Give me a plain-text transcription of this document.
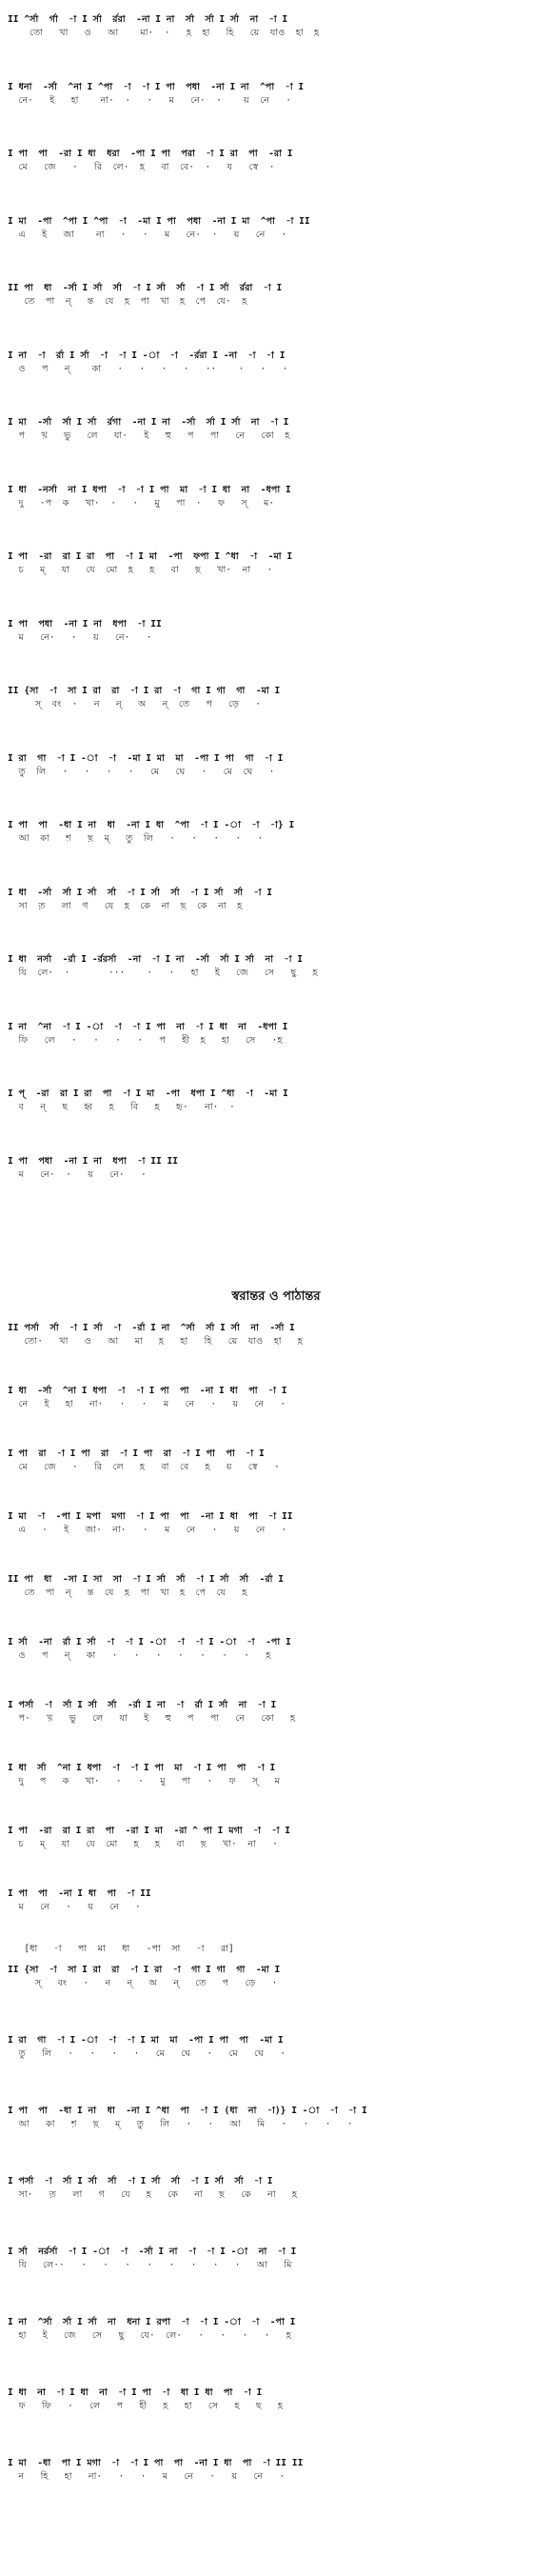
II ^র্সা  র্গা  -া I র্সা  র্ররা  -না I না  র্সা  র্সা I র্সা  না  -া I
তো   খা   ও   আ    মা·  ·   হ়  হা   হি   য়ে  যাও  হা  হ়
I ধনা  -র্সা  ^না I ^পা  -া  -া I পা  পধা  -না I না  ^পা  -া I
নে·   ই   হা    না·  ·   ·   ম   নে·  ·    য়  নে   ·
I পা  পা  -রা I ধা  ধরা  -পা I পা  পরা  -া I রা  পা  -রা I
মে   জে   ·   রি  লে·  হ়   বা  বে·  ·   য   স্বে  ·
I মা  -পা  ^পা I ^পা  -া  -মা I পা  পধা  -না I মা  ^পা  -া II
এ   ই   জা    না   ·   ·   ম   নে·  ·   য়   নে   ·
II পা  ধা  -র্সা I র্সা  র্সা  -া I র্সা  র্সা  -া I র্সা  র্ররা  -া I
তে  পা  ন্   ন্ত  যে  হ়  পা  খা  হ়  পে  যে·  হ়
I না  -া  র্রা I র্সা  -া  -া I -া  -া  -র্ররা I -না  -া  -া I
ও   প   ন্    কা   ·   ·   ·   ·   ··    ·   ·   ·
I মা  -র্সা  র্সা I র্সা  র্রগা  -না I না  -র্সা  র্সা I র্সা  না  -া I
প   খ়   ভু   লে   যা·   ই   হু   প   পা   নে   কো  হ়
I ধা  -নর্সা  না I ধপা  -া  -া I পা  মা  -া I ধা  না  -ধপা I
দু   ·প  ক   খা·  ·   ·   মু   পা  ·   ফ   স্   ম·
I পা  -রা  রা I রা  পা  -া I মা  -পা  ফপা I ^ধা  -া  -মা I
চ   ম্   যা   যে  মো  হ়   হ়   বা   ছ়   খা·  না   ·
I পা  পধা  -না I না  ধপা  -া II
ম   নে·   ·   য়   নে·   ·
II {সা  -া  সা I রা  রা  -া I রা  -া  গা I গা  গা  -মা I
স্  বং  ·   ন   ন্   অ   ন্  তে   প   ড়ে   ·
I রা  গা  -া I -া  -া  -মা I মা  মা  -পা I পা  গা  -া I
তু  লি   ·   ·   ·   ·   মে   ঘে   ·   মে  ঘে   ·
I পা  পা  -ধা I না  ধা  -না I ধা  ^পা  -া I -া  -া  -া} I
আ  কা   শ়   ছ়  ম্   তু  লি   ·   ·   ·   ·   ·
I ধা  -র্সা  র্সা I র্সা  র্সা  -া I র্সা  র্সা  -া I র্সা  র্সা  -া I
সা  ত়   লা  গ   যে  হ়  কে  না  ছ়  কে  না  হ়
I ধা  নর্সা  -র্রা I -র্ররর্সা  -না  -া I না  -র্সা  র্সা I র্সা  না  -া I
যি  লে·  ·       ···    ·   ·   হা   ই   জে   সে   ছু   হ়
I না  ^না  -া I -া  -া  -া I পা  না  -া I ধা  না  -ধপা I
ফি   লে   ·   ·   ·   ·   প   হী  হ়   হা   সে   ·হ়
I প্  -রা  রা I রা  পা  -া I মা  -পা  ধপা I ^ধা  -া  -মা I
ব   ন্   ছ   হ্ব   হ়   বি   হ়   হৃ·   না·  ·
I পা  পধা  -না I না  ধপা  -া II II
ম   নে·  ·   য়   নে·   ·
স্বরান্তর ও পাঠান্তর
II পর্সা  র্সা  -া I র্সা  -া  -র্রা I না  ^র্সা  র্সা I র্সা  না  -র্সা I
তো·   খা   ও   আ   মা   হ়   হা   হি   য়ে  যাও  হা   হ়
I ধা  -র্সা  ^না I ধপা  -া  -া I পা  পা  -না I ধা  পা  -া I
নে   ই   হা   না·   ·   ·   ম   নে   ·   য়   নে   ·
I পা  রা  -া I পা  রা  -া I পা  রা  -া I পা  পা  -া I
মে   জে   ·   রি  লে   হ়   বা  বে   হ়   য়   স্বে   ·
I মা  -া  -পা I মপা  মগা  -া I পা  পা  -না I ধা  পা  -া II
এ   ·   ই   জা·  না·   ·   ম   নে   ·   য়   নে   ·
II পা  ধা  -সা I সা  সা  -া I র্সা  র্সা  -া I র্সা  র্সা  -র্রা I
তে  পা  ন্   ন্ত  যে  হ়  পা  খা  হ়  পে  যে   হ়
I র্সা  -না  র্রা I র্সা  -া  -া I -া  -া  -া I -া  -া  -পা I
ও   প   ন্   কা   ·   ·   ·   ·   ·   ·   ·   হ়
I পর্সা  -া  র্সা I র্সা  র্সা  -র্রা I না  -া  র্রা I র্সা  না  -া I
প·   খ়   ভু   লে   যা   ই   হু   প   পা   নে   কো   হ়
I ধা  র্সা  ^না I ধপা  -া  -া I পা  মা  -া I পা  পা  -া I
দু   প   ক   খা·   ·   ·   মু   পা   ·   ফ   স্   ম
I পা  -রা  রা I রা  পা  -রা I মা  -রা ^ পা I মগা  -া  -া I
চ   ম্   যা   যে  মো   হ়   হ়   বা   ছ়   খা·  না   ·
I পা  পা  -না I ধা  পা  -া II
ম   নে   ·   য়   নে   ·
[ধা   -া   পা  মা   ধা   -পা  সা   -া   রা]
II {সা  -া  সা I রা  রা  -া I রা  -া  গা I গা  গা  -মা I
স্   বং   ·   ন   ন্   অ   ন্   তে   প   ড়ে   ·
I রা  গা  -া I -া  -া  -া I মা  মা  -পা I পা  পা  -মা I
তু   লি   ·   ·   ·   ·   মে   ঘে   ·   মে   ঘে   ·
I পা  পা  -ধা I না  ধা  -না I ^ধা  পা  -া I (ধা  না  -া)} I -া  -া  -া I
আ   কা   শ়   ছ়   ম্   তু   লি   ·   ·   আ   মি   ·   ·   ·   ·
I পর্সা  -া  র্সা I র্সা  র্সা  -া I র্সা  র্সা  -া I র্সা  র্সা  -া I
সা·   ত়   লা   গ   যে   হ়   কে   না   ছ়   কে   না   হ়
I র্সা  নর্রর্সা  -া I -া  -া  -র্সা I না  -া  -া I -া  না  -া I
যি   লে··   ·   ·   ·   ·   ·   ·   ·   ·   আ   মি
I না  ^র্সা  র্সা I র্সা  না  ধনা I রপা  -া  -া I -া  -া  -পা I
হা   ই   জে   সে   ছু   যে·  লে·   ·   ·   ·   ·   হ়
I ধা  না  -া I ধা  না  -া I পা  -া  ধা I ধা  পা  -া I
ফ   ফি   ·   লে   প   হী   হ়   হা   সে   হ   ছ   হ়
I মা  -ধা  পা I মগা  -া  -া I পা  পা  -না I ধা  পা  -া II II
ন   হি   হা   না·   ·   ·   ম   নে   ·   য়   নে   ·
